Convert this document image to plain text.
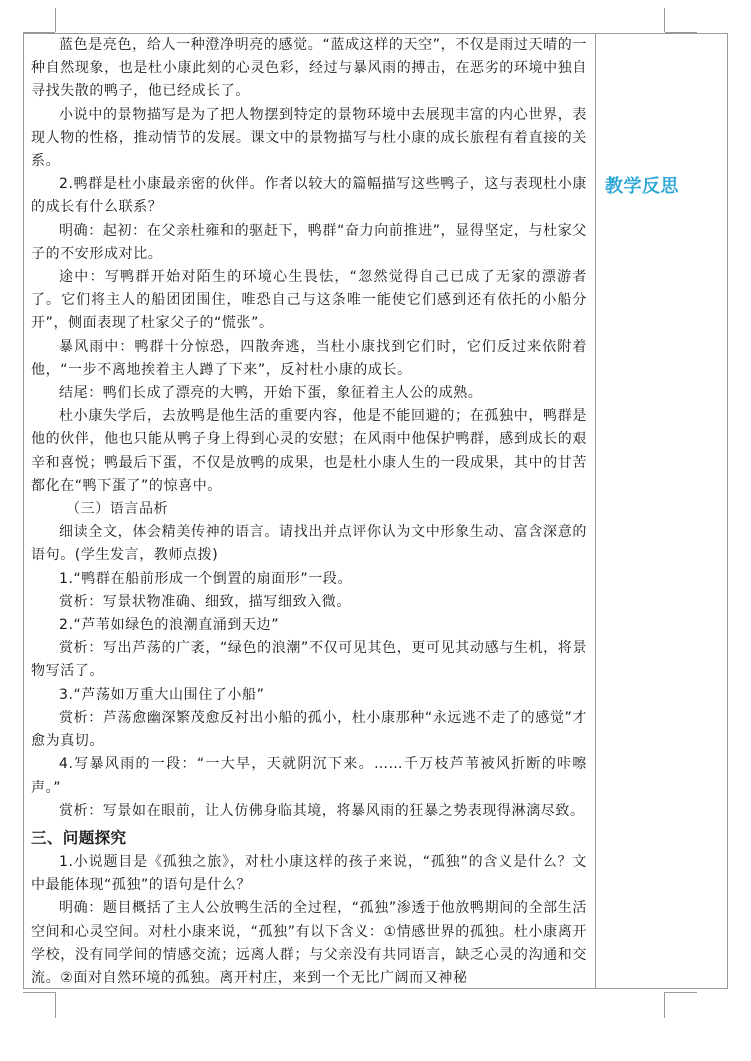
蓝色是亮色，给人一种澄净明亮的感觉。“蓝成这样的天空”，不仅是雨过天晴的一种自然现象，也是杜小康此刻的心灵色彩，经过与暴风雨的搏击，在恶劣的环境中独自寻找失散的鸭子，他已经成长了。

小说中的景物描写是为了把人物摆到特定的景物环境中去展现丰富的内心世界，表现人物的性格，推动情节的发展。课文中的景物描写与杜小康的成长旅程有着直接的关系。

2.鸭群是杜小康最亲密的伙伴。作者以较大的篇幅描写这些鸭子，这与表现杜小康的成长有什么联系？

明确：起初：在父亲杜雍和的驱赶下，鸭群“奋力向前推进”，显得坚定，与杜家父子的不安形成对比。

途中：写鸭群开始对陌生的环境心生畏怯，“忽然觉得自己已成了无家的漂游者了。它们将主人的船团团围住，唯恐自己与这条唯一能使它们感到还有依托的小船分开”，侧面表现了杜家父子的“慌张”。

暴风雨中：鸭群十分惊恐，四散奔逃，当杜小康找到它们时，它们反过来依附着他，“一步不离地挨着主人蹲了下来”，反衬杜小康的成长。

结尾：鸭们长成了漂亮的大鸭，开始下蛋，象征着主人公的成熟。

杜小康失学后，去放鸭是他生活的重要内容，他是不能回避的；在孤独中，鸭群是他的伙伴，他也只能从鸭子身上得到心灵的安慰；在风雨中他保护鸭群，感到成长的艰辛和喜悦；鸭最后下蛋，不仅是放鸭的成果，也是杜小康人生的一段成果，其中的甘苦都化在“鸭下蛋了”的惊喜中。

（三）语言品析

细读全文，体会精美传神的语言。请找出并点评你认为文中形象生动、富含深意的语句。(学生发言，教师点拨)

1.“鸭群在船前形成一个倒置的扇面形”一段。

赏析：写景状物准确、细致，描写细致入微。

2.“芦苇如绿色的浪潮直涌到天边”

赏析：写出芦荡的广袤，“绿色的浪潮”不仅可见其色，更可见其动感与生机，将景物写活了。

3.“芦荡如万重大山围住了小船”

赏析：芦荡愈幽深繁茂愈反衬出小船的孤小，杜小康那种“永远逃不走了的感觉”才愈为真切。

4.写暴风雨的一段：“一大早，天就阴沉下来。……千万枝芦苇被风折断的咔嚓声。”

赏析：写景如在眼前，让人仿佛身临其境，将暴风雨的狂暴之势表现得淋漓尽致。

三、问题探究

1.小说题目是《孤独之旅》，对杜小康这样的孩子来说，“孤独”的含义是什么？文中最能体现“孤独”的语句是什么？

明确：题目概括了主人公放鸭生活的全过程，“孤独”渗透于他放鸭期间的全部生活空间和心灵空间。对杜小康来说，“孤独”有以下含义：①情感世界的孤独。杜小康离开学校，没有同学间的情感交流；远离人群；与父亲没有共同语言，缺乏心灵的沟通和交流。②面对自然环境的孤独。离开村庄，来到一个无比广阔而又神秘

教学反思
